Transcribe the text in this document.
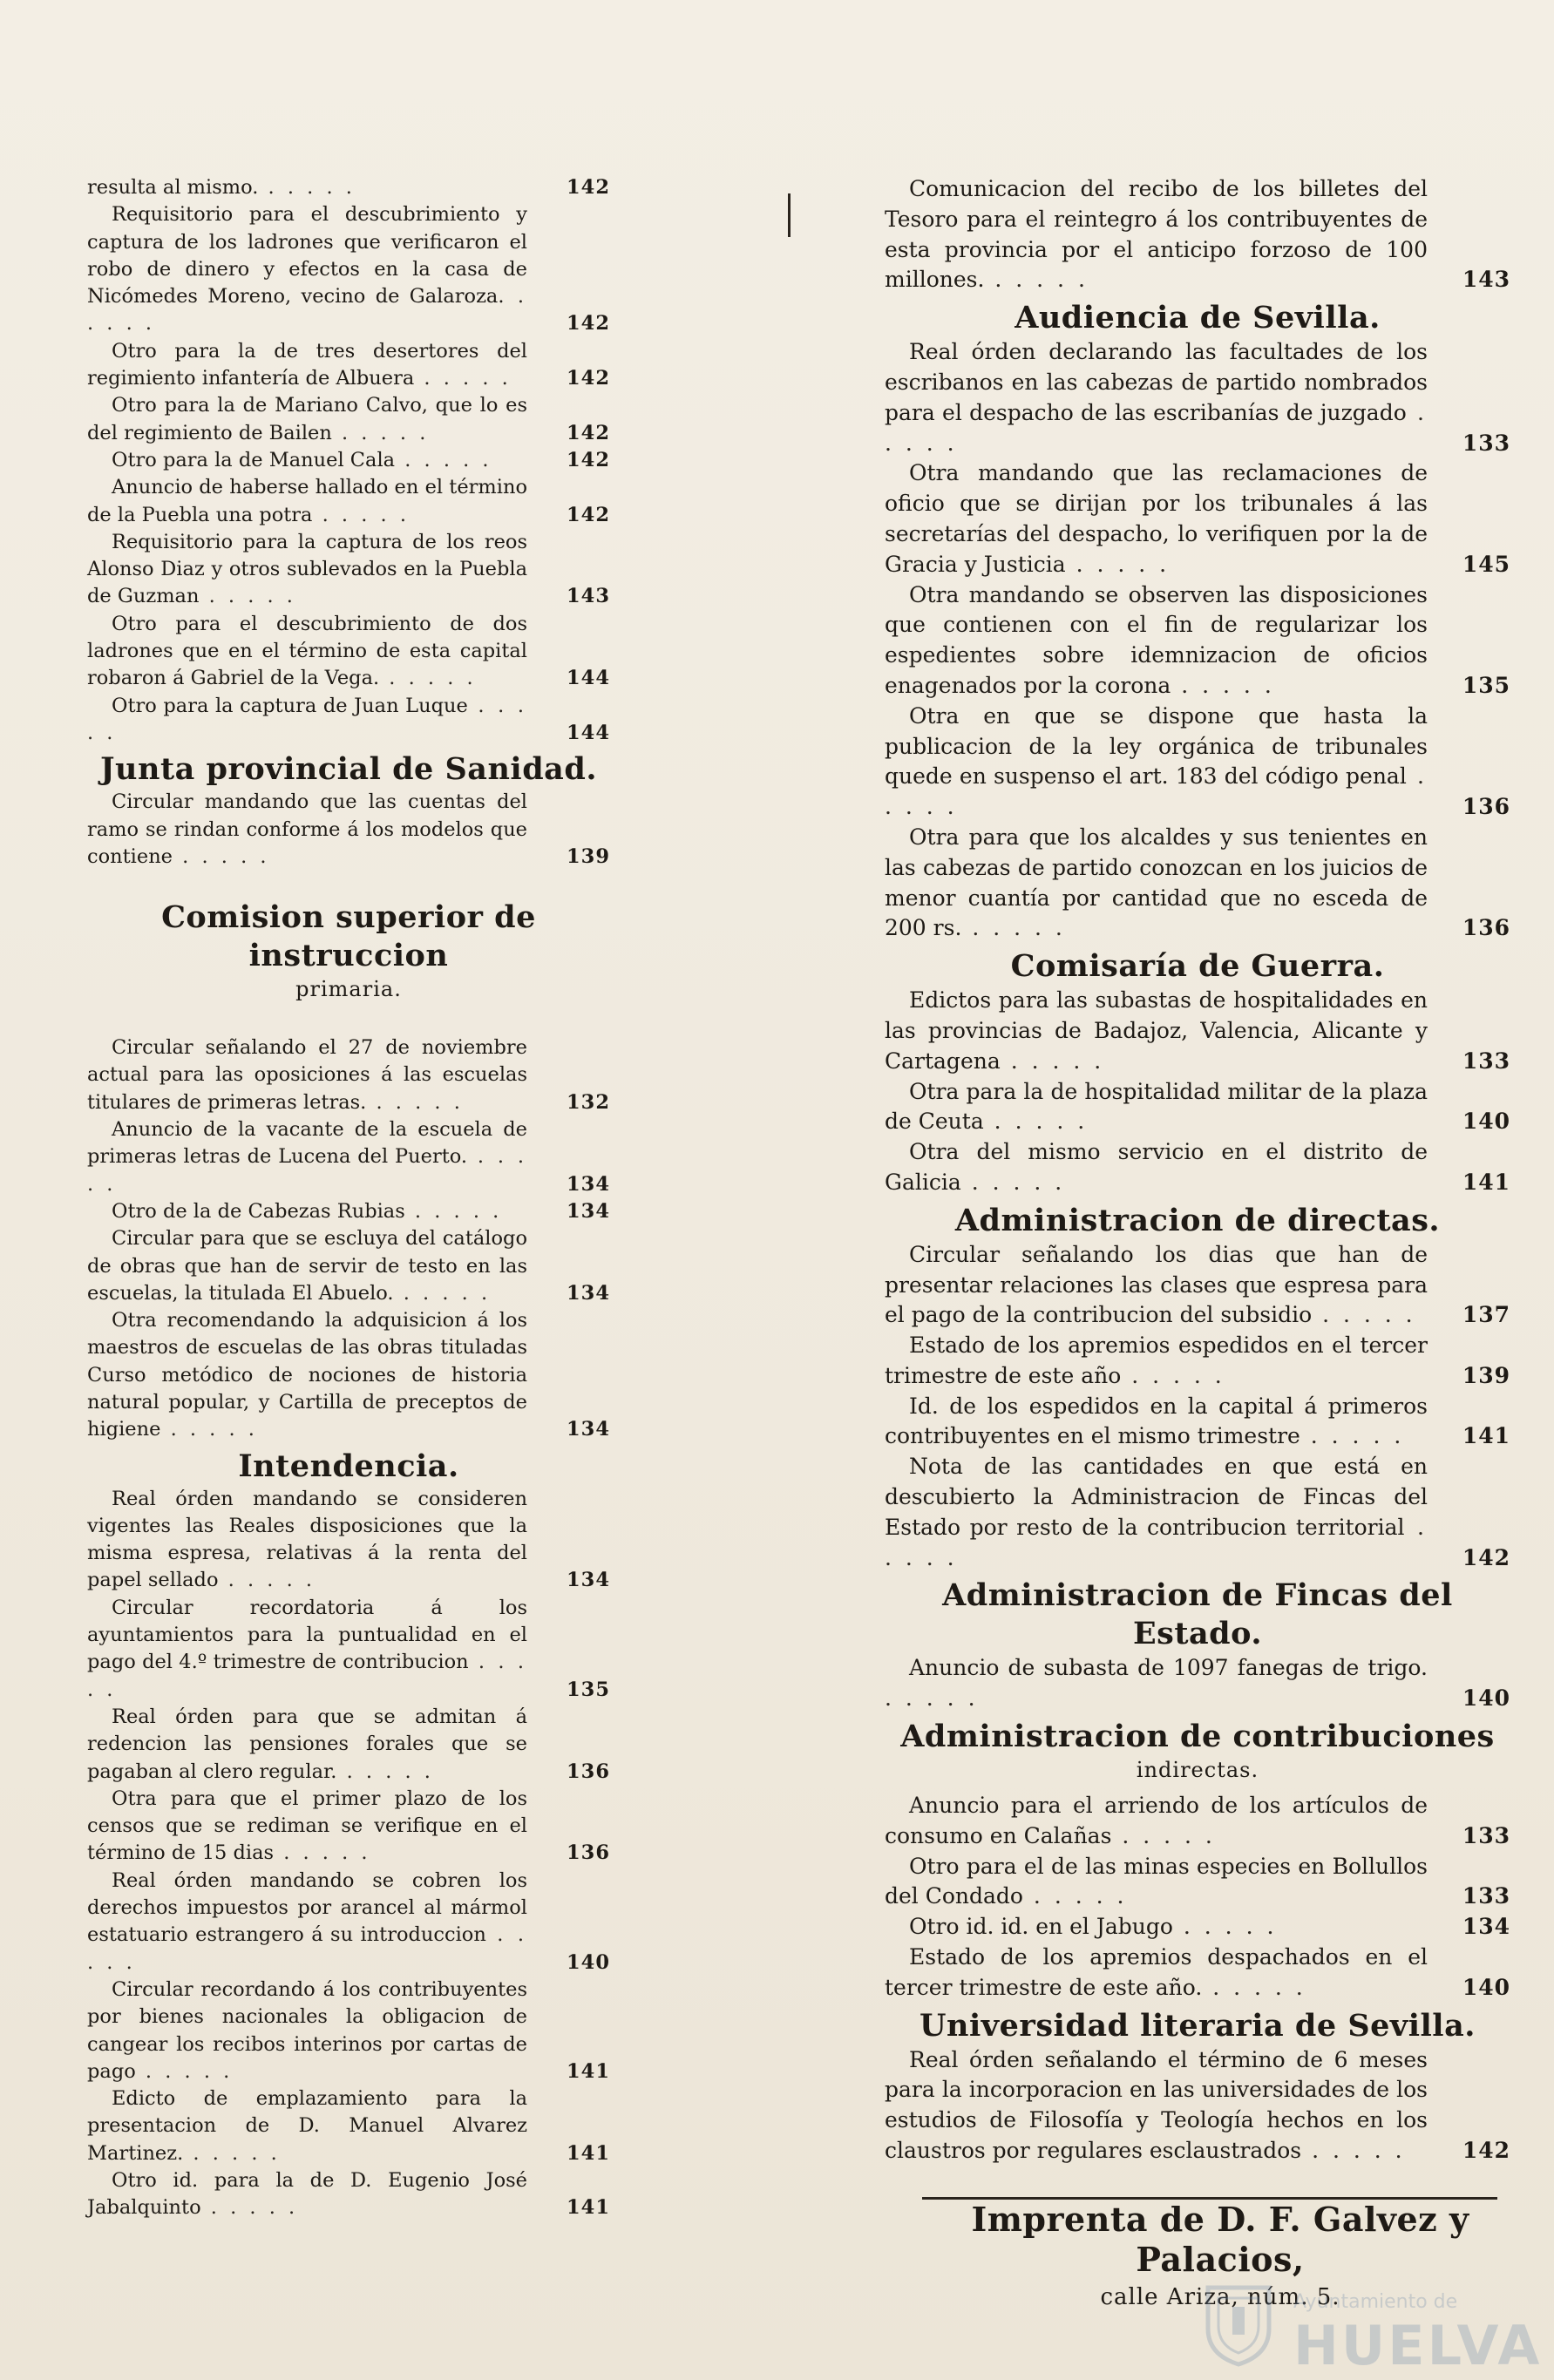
resulta al mismo. . . . . .	142

Requisitorio para el descubrimiento y captura de los ladrones que verificaron el robo de dinero y efectos en la casa de Nicómedes Moreno, vecino de Galaroza. . . . . .	142

Otro para la de tres desertores del regimiento infantería de Albuera . . . . .	142

Otro para la de Mariano Calvo, que lo es del regimiento de Bailen . . . . .	142

Otro para la de Manuel Cala . . . . .	142

Anuncio de haberse hallado en el término de la Puebla una potra . . . . .	142

Requisitorio para la captura de los reos Alonso Diaz y otros sublevados en la Puebla de Guzman . . . . .	143

Otro para el descubrimiento de dos ladrones que en el término de esta capital robaron á Gabriel de la Vega. . . . . .	144

Otro para la captura de Juan Luque . . . . .	144

Junta provincial de Sanidad.

Circular mandando que las cuentas del ramo se rindan conforme á los modelos que contiene . . . . .	139

Comision superior de instruccion
primaria.

Circular señalando el 27 de noviembre actual para las oposiciones á las escuelas titulares de primeras letras. . . . . .	132

Anuncio de la vacante de la escuela de primeras letras de Lucena del Puerto. . . . . .	134

Otro de la de Cabezas Rubias . . . . .	134

Circular para que se escluya del catálogo de obras que han de servir de testo en las escuelas, la titulada El Abuelo. . . . . .	134

Otra recomendando la adquisicion á los maestros de escuelas de las obras tituladas Curso metódico de nociones de historia natural popular, y Cartilla de preceptos de higiene . . . . .	134

Intendencia.

Real órden mandando se consideren vigentes las Reales disposiciones que la misma espresa, relativas á la renta del papel sellado . . . . .	134

Circular recordatoria á los ayuntamientos para la puntualidad en el pago del 4.º trimestre de contribucion . . . . .	135

Real órden para que se admitan á redencion las pensiones forales que se pagaban al clero regular. . . . . .	136

Otra para que el primer plazo de los censos que se rediman se verifique en el término de 15 dias . . . . .	136

Real órden mandando se cobren los derechos impuestos por arancel al mármol estatuario estrangero á su introduccion . . . . .	140

Circular recordando á los contribuyentes por bienes nacionales la obligacion de cangear los recibos interinos por cartas de pago . . . . .	141

Edicto de emplazamiento para la presentacion de D. Manuel Alvarez Martinez. . . . . .	141

Otro id. para la de D. Eugenio José Jabalquinto . . . . .	141

Comunicacion del recibo de los billetes del Tesoro para el reintegro á los contribuyentes de esta provincia por el anticipo forzoso de 100 millones. . . . . .	143

Audiencia de Sevilla.

Real órden declarando las facultades de los escribanos en las cabezas de partido nombrados para el despacho de las escribanías de juzgado . . . . .	133

Otra mandando que las reclamaciones de oficio que se dirijan por los tribunales á las secretarías del despacho, lo verifiquen por la de Gracia y Justicia . . . . .	145

Otra mandando se observen las disposiciones que contienen con el fin de regularizar los espedientes sobre idemnizacion de oficios enagenados por la corona . . . . .	135

Otra en que se dispone que hasta la publicacion de la ley orgánica de tribunales quede en suspenso el art. 183 del código penal . . . . .	136

Otra para que los alcaldes y sus tenientes en las cabezas de partido conozcan en los juicios de menor cuantía por cantidad que no esceda de 200 rs. . . . . .	136

Comisaría de Guerra.

Edictos para las subastas de hospitalidades en las provincias de Badajoz, Valencia, Alicante y Cartagena . . . . .	133

Otra para la de hospitalidad militar de la plaza de Ceuta . . . . .	140

Otra del mismo servicio en el distrito de Galicia . . . . .	141

Administracion de directas.

Circular señalando los dias que han de presentar relaciones las clases que espresa para el pago de la contribucion del subsidio . . . . . 137

Estado de los apremios espedidos en el tercer trimestre de este año . . . . .	139

Id. de los espedidos en la capital á primeros contribuyentes en el mismo trimestre . . . . .	141

Nota de las cantidades en que está en descubierto la Administracion de Fincas del Estado por resto de la contribucion territorial . . . . .	142

Administracion de Fincas del Estado.

Anuncio de subasta de 1097 fanegas de trigo. . . . . .	140

Administracion de contribuciones
indirectas.

Anuncio para el arriendo de los artículos de consumo en Calañas . . . . .	133

Otro para el de las minas especies en Bollullos del Condado . . . . .	133

Otro id. id. en el Jabugo . . . . .	134

Estado de los apremios despachados en el tercer trimestre de este año. . . . . .	140

Universidad literaria de Sevilla.

Real órden señalando el término de 6 meses para la incorporacion en las universidades de los estudios de Filosofía y Teología hechos en los claustros por regulares esclaustrados . . . . .	142

Imprenta de D. F. Galvez y Palacios,
calle Ariza, núm. 5.
Ayuntamiento de
HUELVA
